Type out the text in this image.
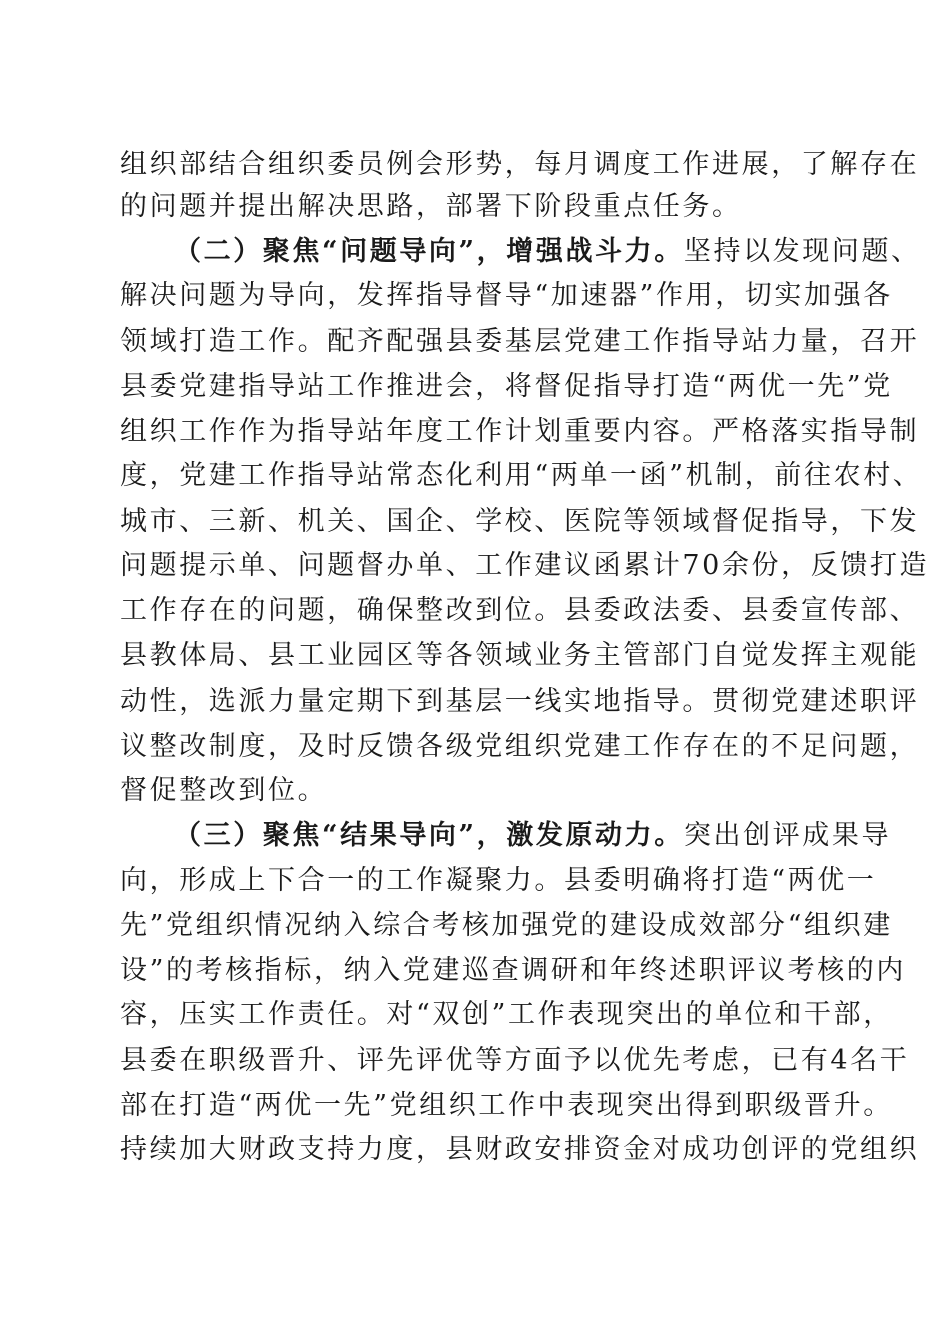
组织部结合组织委员例会形势，每月调度工作进展，了解存在
的问题并提出解决思路，部署下阶段重点任务。
（二）聚焦“问题导向”，增强战斗力。坚持以发现问题、
解决问题为导向，发挥指导督导“加速器”作用，切实加强各
领域打造工作。配齐配强县委基层党建工作指导站力量，召开
县委党建指导站工作推进会，将督促指导打造“两优一先”党
组织工作作为指导站年度工作计划重要内容。严格落实指导制
度，党建工作指导站常态化利用“两单一函”机制，前往农村、
城市、三新、机关、国企、学校、医院等领域督促指导，下发
问题提示单、问题督办单、工作建议函累计70余份，反馈打造
工作存在的问题，确保整改到位。县委政法委、县委宣传部、
县教体局、县工业园区等各领域业务主管部门自觉发挥主观能
动性，选派力量定期下到基层一线实地指导。贯彻党建述职评
议整改制度，及时反馈各级党组织党建工作存在的不足问题，
督促整改到位。
（三）聚焦“结果导向”，激发原动力。突出创评成果导
向，形成上下合一的工作凝聚力。县委明确将打造“两优一
先”党组织情况纳入综合考核加强党的建设成效部分“组织建
设”的考核指标，纳入党建巡查调研和年终述职评议考核的内
容，压实工作责任。对“双创”工作表现突出的单位和干部，
县委在职级晋升、评先评优等方面予以优先考虑，已有4名干
部在打造“两优一先”党组织工作中表现突出得到职级晋升。
持续加大财政支持力度，县财政安排资金对成功创评的党组织
